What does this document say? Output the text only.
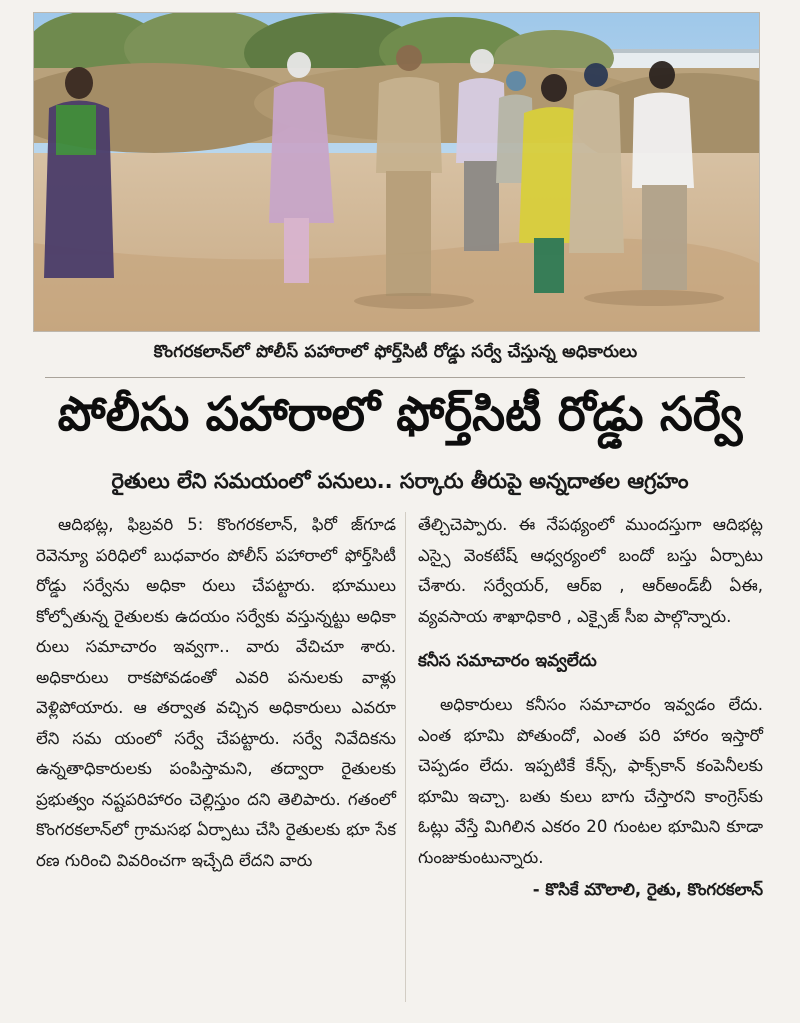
కొంగరకలాన్‌లో పోలీస్‌ పహారాలో ఫోర్త్‌సిటీ రోడ్డు సర్వే చేస్తున్న అధికారులు
పోలీసు పహారాలో ఫోర్త్‌సిటీ రోడ్డు సర్వే
రైతులు లేని సమయంలో పనులు.. సర్కారు తీరుపై అన్నదాతల ఆగ్రహం

ఆదిభట్ల, ఫిబ్రవరి 5: కొంగరకలాన్‌, ఫిరో జ్‌గూడ రెవెన్యూ పరిధిలో బుధవారం పోలీస్‌ పహారాలో ఫోర్త్‌సిటీ రోడ్డు సర్వేను అధికా రులు చేపట్టారు. భూములు కోల్పోతున్న రైతులకు ఉదయం సర్వేకు వస్తున్నట్టు అధికా రులు సమాచారం ఇవ్వగా.. వారు వేచిచూ శారు. అధికారులు రాకపోవడంతో ఎవరి పనులకు వాళ్లు వెళ్లిపోయారు. ఆ తర్వాత వచ్చిన అధికారులు ఎవరూ లేని సమ యంలో సర్వే చేపట్టారు. సర్వే నివేదికను ఉన్నతాధికారులకు పంపిస్తామని, తద్వారా రైతులకు ప్రభుత్వం నష్టపరిహారం చెల్లిస్తుం దని తెలిపారు. గతంలో కొంగరకలాన్‌లో గ్రామసభ ఏర్పాటు చేసి రైతులకు భూ సేక రణ గురించి వివరించగా ఇచ్చేది లేదని వారు

తేల్చిచెప్పారు. ఈ నేపథ్యంలో ముందస్తుగా ఆదిభట్ల ఎస్సై వెంకటేష్‌ ఆధ్వర్యంలో బందో బస్తు ఏర్పాటు చేశారు. సర్వేయర్‌, ఆర్‌ఐ , ఆర్‌అండ్‌బీ ఏఈ, వ్యవసాయ శాఖాధికారి , ఎక్సైజ్‌ సీఐ పాల్గొన్నారు.

కనీస సమాచారం ఇవ్వలేదు

అధికారులు కనీసం సమాచారం ఇవ్వడం లేదు. ఎంత భూమి పోతుందో, ఎంత పరి హారం ఇస్తారో చెప్పడం లేదు. ఇప్పటికే కేన్స్‌, ఫాక్స్‌కాన్‌ కంపెనీలకు భూమి ఇచ్చా. బతు కులు బాగు చేస్తారని కాంగ్రెస్‌కు ఓట్లు వేస్తే మిగిలిన ఎకరం 20 గుంటల భూమిని కూడా గుంజుకుంటున్నారు.

- కొసికే మౌలాలి, రైతు, కొంగరకలాన్‌
